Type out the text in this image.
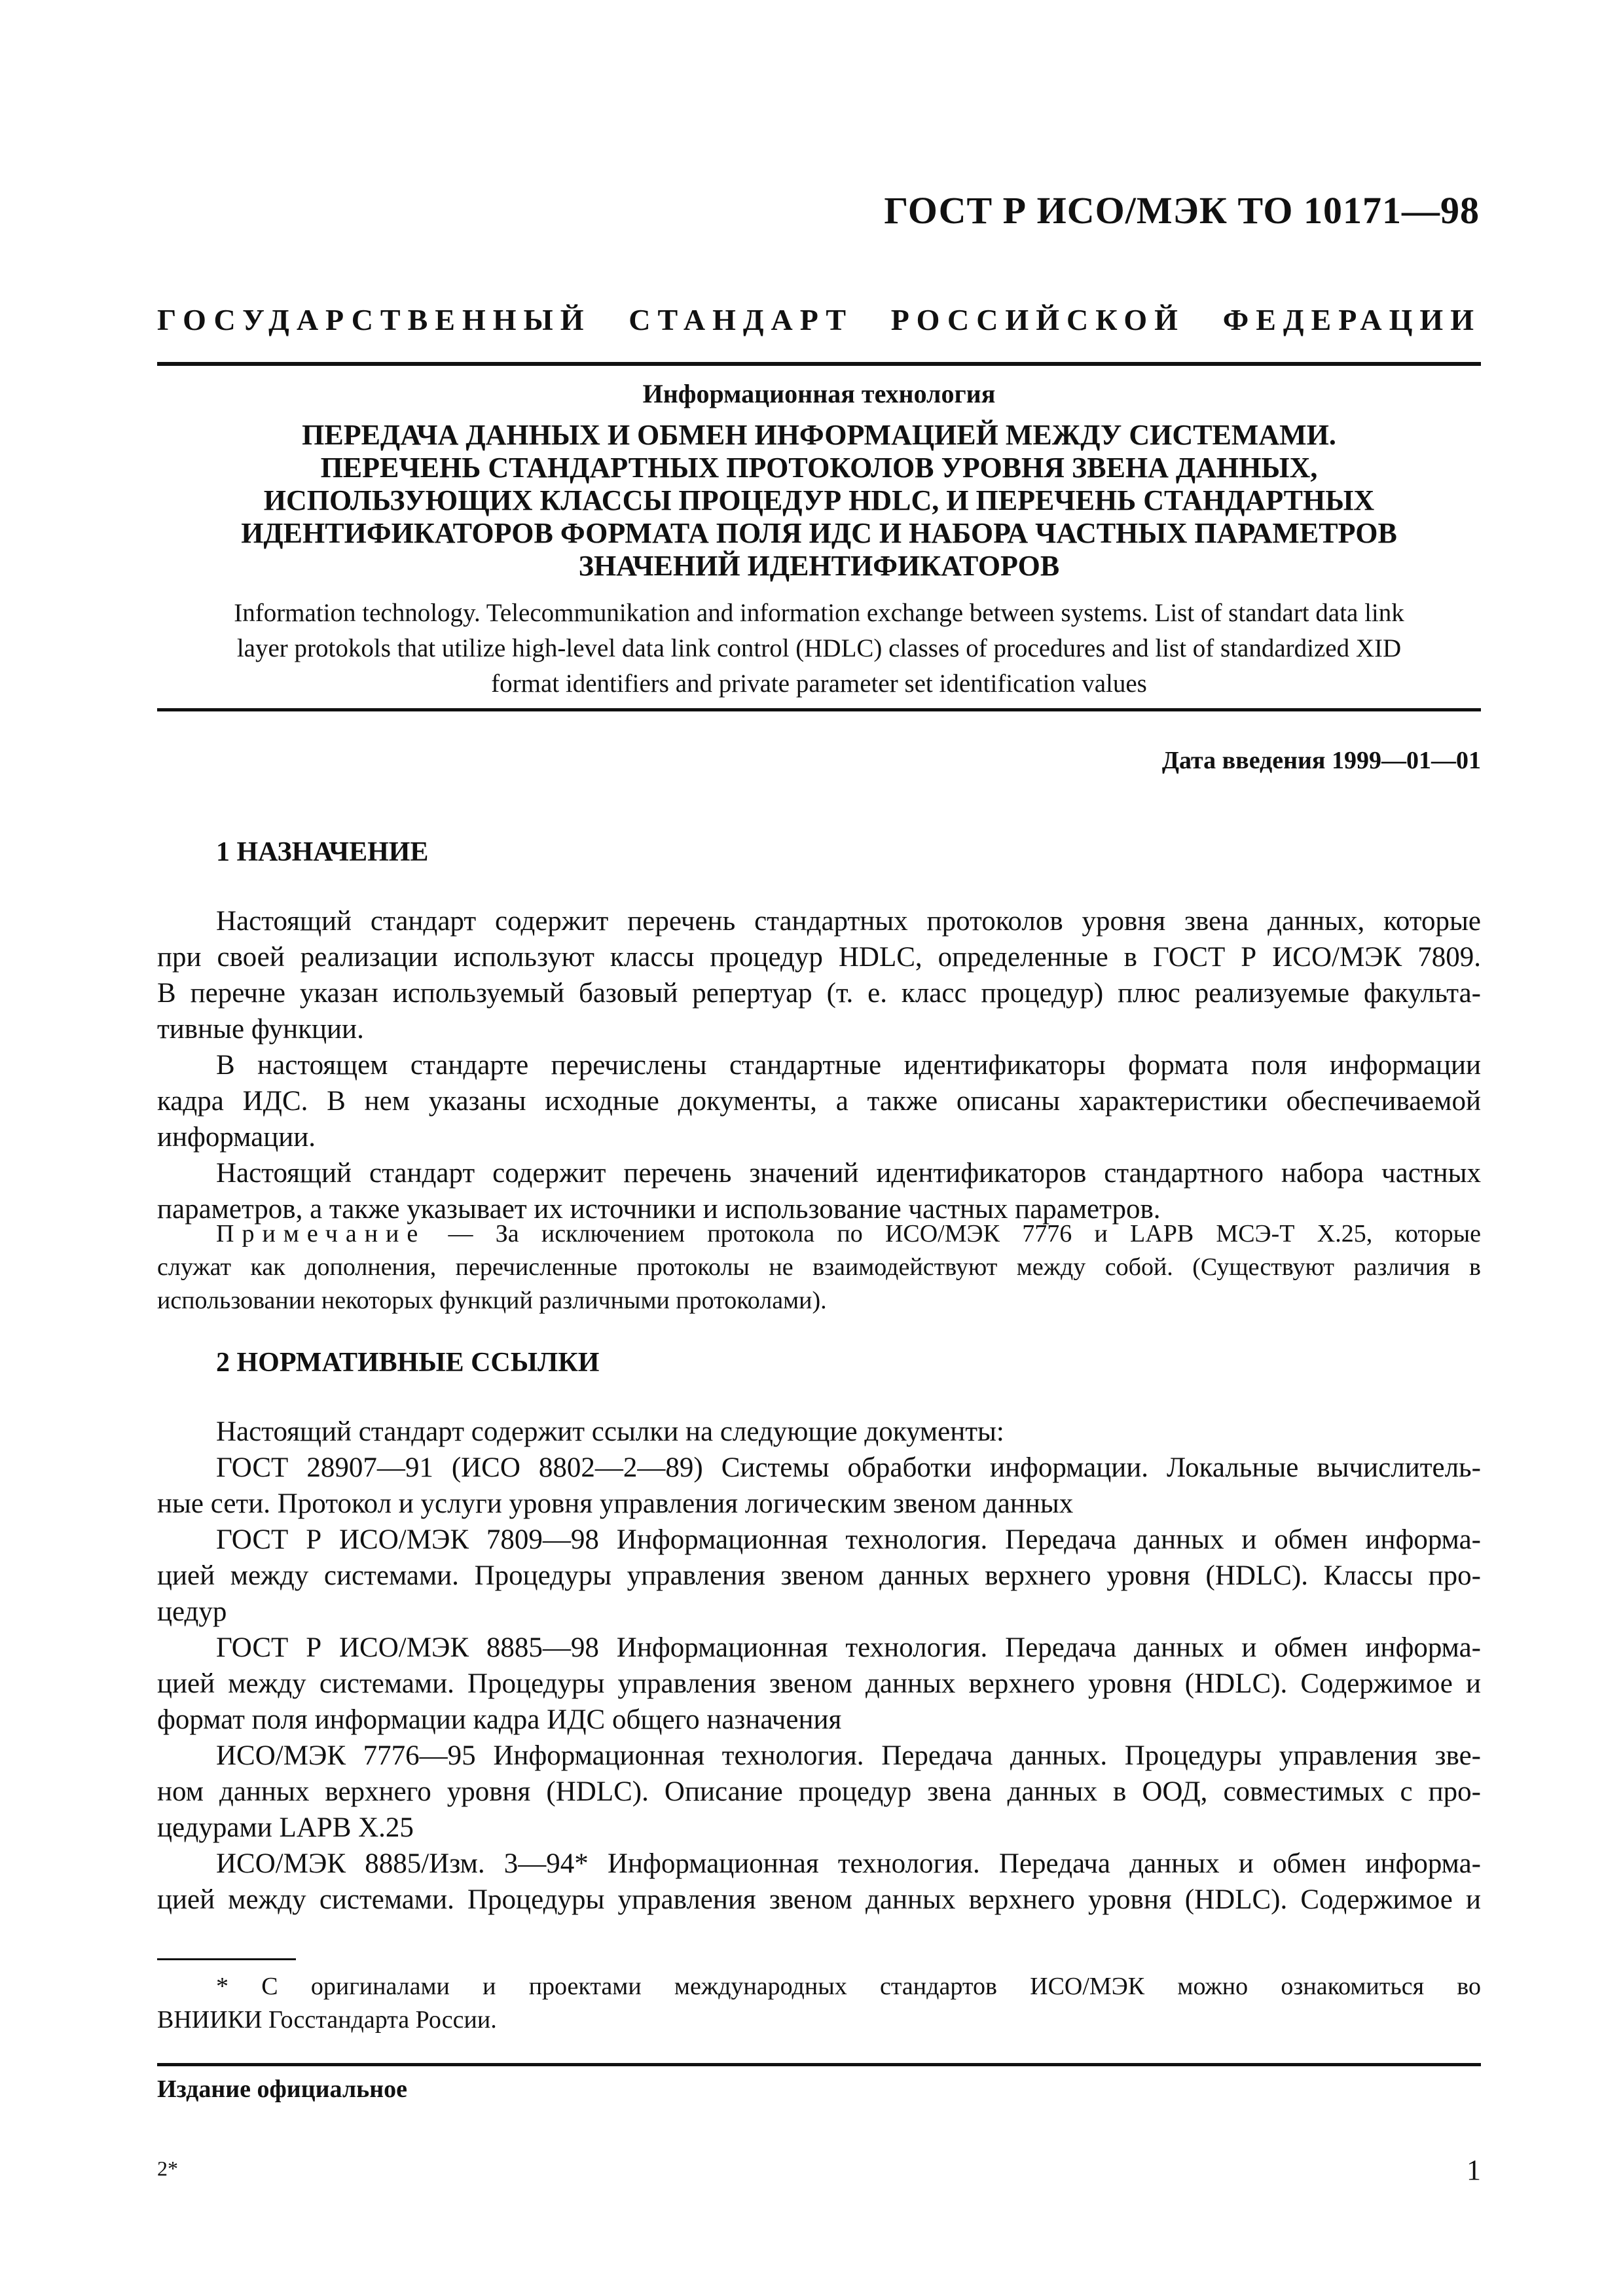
ГОСТ Р ИСО/МЭК ТО 10171—98
ГОСУДАРСТВЕННЫЙ СТАНДАРТ РОССИЙСКОЙ ФЕДЕРАЦИИ
Информационная технология
ПЕРЕДАЧА ДАННЫХ И ОБМЕН ИНФОРМАЦИЕЙ МЕЖДУ СИСТЕМАМИ.
ПЕРЕЧЕНЬ СТАНДАРТНЫХ ПРОТОКОЛОВ УРОВНЯ ЗВЕНА ДАННЫХ,
ИСПОЛЬЗУЮЩИХ КЛАССЫ ПРОЦЕДУР HDLC, И ПЕРЕЧЕНЬ СТАНДАРТНЫХ
ИДЕНТИФИКАТОРОВ ФОРМАТА ПОЛЯ ИДС И НАБОРА ЧАСТНЫХ ПАРАМЕТРОВ
ЗНАЧЕНИЙ ИДЕНТИФИКАТОРОВ
Information technology. Telecommunikation and information exchange between systems. List of standart data link
layer protokols that utilize high-level data link control (HDLC) classes of procedures and list of standardized XID
format identifiers and private parameter set identification values
Дата введения 1999—01—01
1 НАЗНАЧЕНИЕ
Настоящий стандарт содержит перечень стандартных протоколов уровня звена данных, которые
при своей реализации используют классы процедур HDLC, определенные в ГОСТ Р ИСО/МЭК 7809.
В перечне указан используемый базовый репертуар (т. е. класс процедур) плюс реализуемые факульта-
тивные функции.
В настоящем стандарте перечислены стандартные идентификаторы формата поля информации
кадра ИДС. В нем указаны исходные документы, а также описаны характеристики обеспечиваемой
информации.
Настоящий стандарт содержит перечень значений идентификаторов стандартного набора частных
параметров, а также указывает их источники и использование частных параметров.
Примечание — За исключением протокола по ИСО/МЭК 7776 и LAPB МСЭ-Т X.25, которые
служат как дополнения, перечисленные протоколы не взаимодействуют между собой. (Существуют различия в
использовании некоторых функций различными протоколами).
2 НОРМАТИВНЫЕ ССЫЛКИ
Настоящий стандарт содержит ссылки на следующие документы:
ГОСТ 28907—91 (ИСО 8802—2—89) Системы обработки информации. Локальные вычислитель-
ные сети. Протокол и услуги уровня управления логическим звеном данных
ГОСТ Р ИСО/МЭК 7809—98 Информационная технология. Передача данных и обмен информа-
цией между системами. Процедуры управления звеном данных верхнего уровня (HDLC). Классы про-
цедур
ГОСТ Р ИСО/МЭК 8885—98 Информационная технология. Передача данных и обмен информа-
цией между системами. Процедуры управления звеном данных верхнего уровня (HDLC). Содержимое и
формат поля информации кадра ИДС общего назначения
ИСО/МЭК 7776—95 Информационная технология. Передача данных. Процедуры управления зве-
ном данных верхнего уровня (HDLC). Описание процедур звена данных в ООД, совместимых с про-
цедурами LAPB X.25
ИСО/МЭК 8885/Изм. 3—94* Информационная технология. Передача данных и обмен информа-
цией между системами. Процедуры управления звеном данных верхнего уровня (HDLC). Содержимое и
* С оригиналами и проектами международных стандартов ИСО/МЭК можно ознакомиться во
ВНИИКИ Госстандарта России.
Издание официальное
2*	1
